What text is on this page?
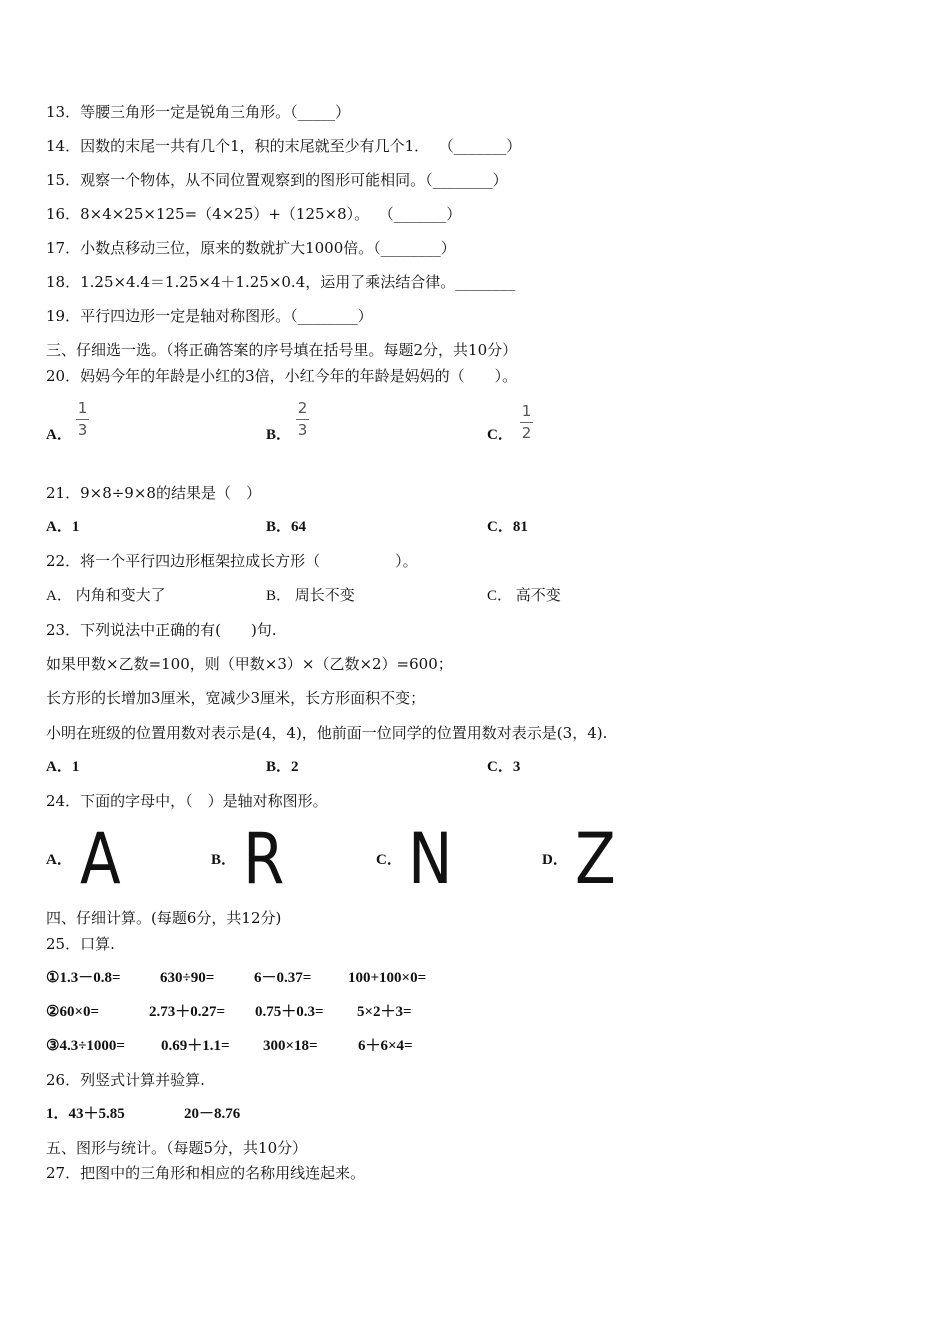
13．等腰三角形一定是锐角三角形。（_____）
14．因数的末尾一共有几个1，积的末尾就至少有几个1．  （_______）
15．观察一个物体，从不同位置观察到的图形可能相同。（________）
16．8×4×25×125=（4×25）+（125×8）。  （_______）
17．小数点移动三位，原来的数就扩大1000倍。（________）
18．1.25×4.4＝1.25×4＋1.25×0.4，运用了乘法结合律。________
19．平行四边形一定是轴对称图形。（________）
三、仔细选一选。（将正确答案的序号填在括号里。每题2分，共10分）
20．妈妈今年的年龄是小红的3倍，小红今年的年龄是妈妈的（　　）。
A．
1
3	B．
2
3	C．
1
2
21．9×8÷9×8的结果是（　）
A．1	B．64	C．81
22．将一个平行四边形框架拉成长方形（　　　　　）。
A． 内角和变大了	B． 周长不变	C． 高不变
23．下列说法中正确的有(　　)句.
如果甲数×乙数=100，则（甲数×3）×（乙数×2）=600；
长方形的长增加3厘米，宽减少3厘米，长方形面积不变；
小明在班级的位置用数对表示是(4，4)，他前面一位同学的位置用数对表示是(3，4).
A．1	B．2	C．3
24．下面的字母中，（　）是轴对称图形。
A． A	B． R	C． N	D． Z
四、仔细计算。(每题6分，共12分)
25．口算.
①1.3－0.8=	630÷90=	6－0.37= 100+100×0=
②60×0=	2.73＋0.27= 0.75＋0.3= 5×2＋3=
③4.3÷1000= 0.69＋1.1= 300×18=	6＋6×4=
26．列竖式计算并验算.
1．43＋5.85	20－8.76
五、图形与统计。（每题5分，共10分）
27．把图中的三角形和相应的名称用线连起来。
